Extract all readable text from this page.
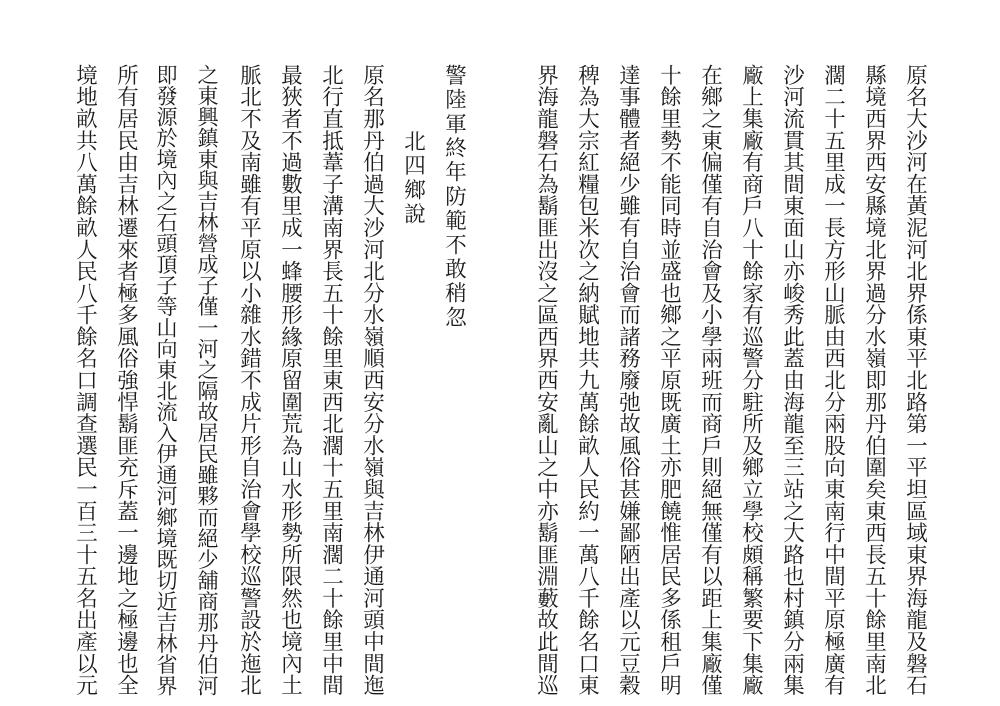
原名大沙河在黃泥河北界係東平北路第一平坦區域東界海龍及磐石
縣境西界西安縣境北界過分水嶺即那丹伯圍矣東西長五十餘里南北
濶二十五里成一長方形山脈由西北分兩股向東南行中間平原極廣有
沙河流貫其間東面山亦峻秀此蓋由海龍至三站之大路也村鎮分兩集
廠上集廠有商戶八十餘家有巡警分駐所及鄉立學校頗稱繁要下集廠
在鄉之東偏僅有自治會及小學兩班而商戶則絕無僅有以距上集廠僅
十餘里勢不能同時並盛也鄉之平原既廣土亦肥饒惟居民多係租戶明
達事體者絕少雖有自治會而諸務廢弛故風俗甚嫌鄙陋出產以元豆穀
稗為大宗紅糧包米次之納賦地共九萬餘畝人民約一萬八千餘名口東
界海龍磐石為鬍匪出沒之區西界西安亂山之中亦鬍匪淵藪故此間巡
警陸軍終年防範不敢稍忽
北四鄉說
原名那丹伯過大沙河北分水嶺順西安分水嶺與吉林伊通河頭中間迤
北行直抵葦子溝南界長五十餘里東西北濶十五里南濶二十餘里中間
最狹者不過數里成一蜂腰形緣原留圍荒為山水形勢所限然也境內土
脈北不及南雖有平原以小雜水錯不成片形自治會學校巡警設於迤北
之東興鎮東與吉林營成子僅一河之隔故居民雖夥而絕少舖商那丹伯河
即發源於境內之石頭頂子等山向東北流入伊通河鄉境既切近吉林省界
所有居民由吉林遷來者極多風俗強悍鬍匪充斥蓋一邊地之極邊也全
境地畝共八萬餘畝人民八千餘名口調查選民一百三十五名出產以元
